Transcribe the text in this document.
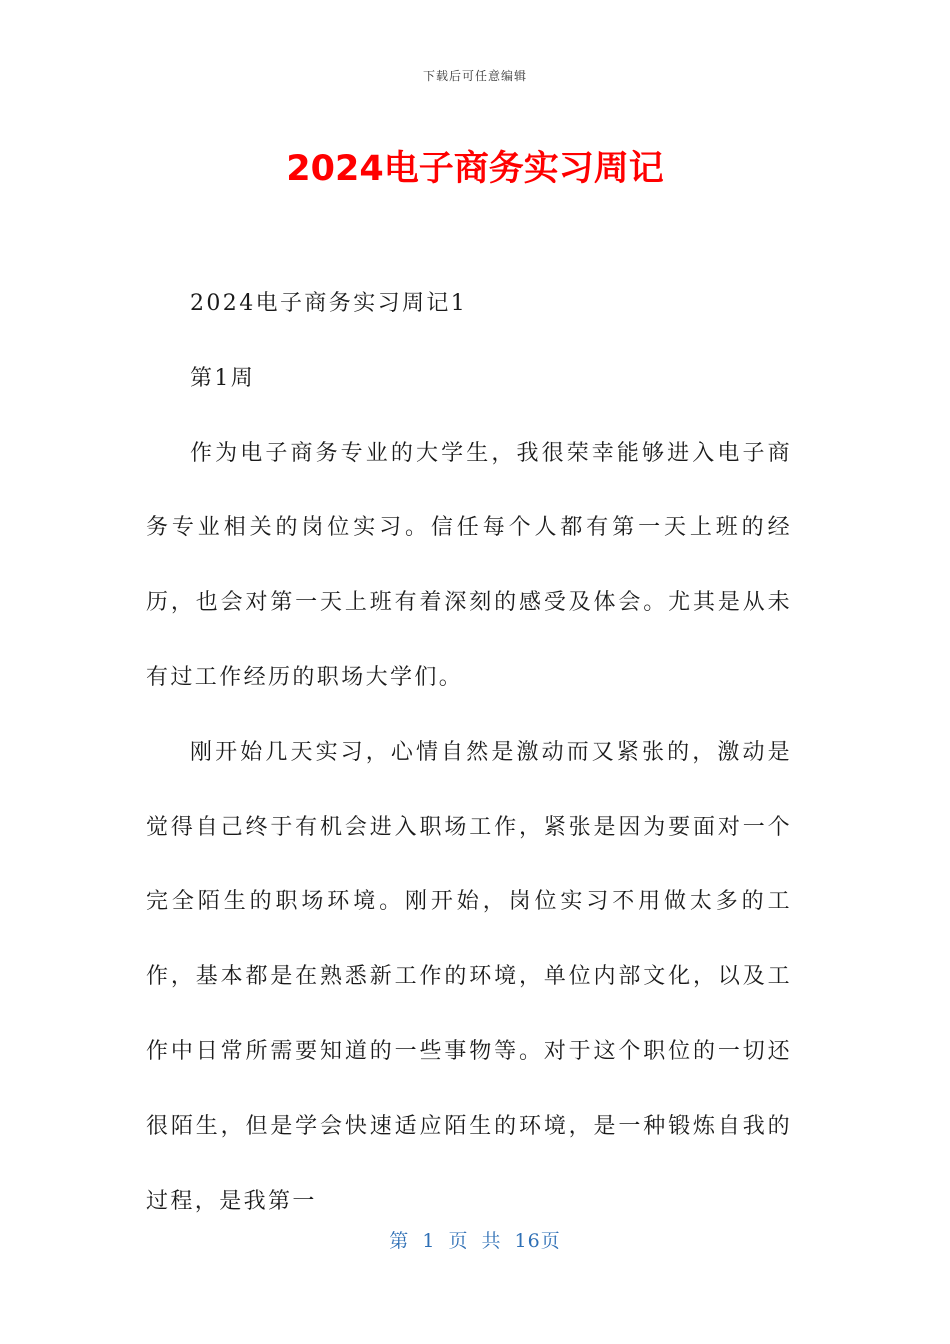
下载后可任意编辑
2024电子商务实习周记

2024电子商务实习周记1

第1周

作为电子商务专业的大学生，我很荣幸能够进入电子商务专业相关的岗位实习。信任每个人都有第一天上班的经历，也会对第一天上班有着深刻的感受及体会。尤其是从未有过工作经历的职场大学们。

刚开始几天实习，心情自然是激动而又紧张的，激动是觉得自己终于有机会进入职场工作，紧张是因为要面对一个完全陌生的职场环境。刚开始，岗位实习不用做太多的工作，基本都是在熟悉新工作的环境，单位内部文化，以及工作中日常所需要知道的一些事物等。对于这个职位的一切还很陌生，但是学会快速适应陌生的环境，是一种锻炼自我的过程，是我第一

第 1 页 共 16页
